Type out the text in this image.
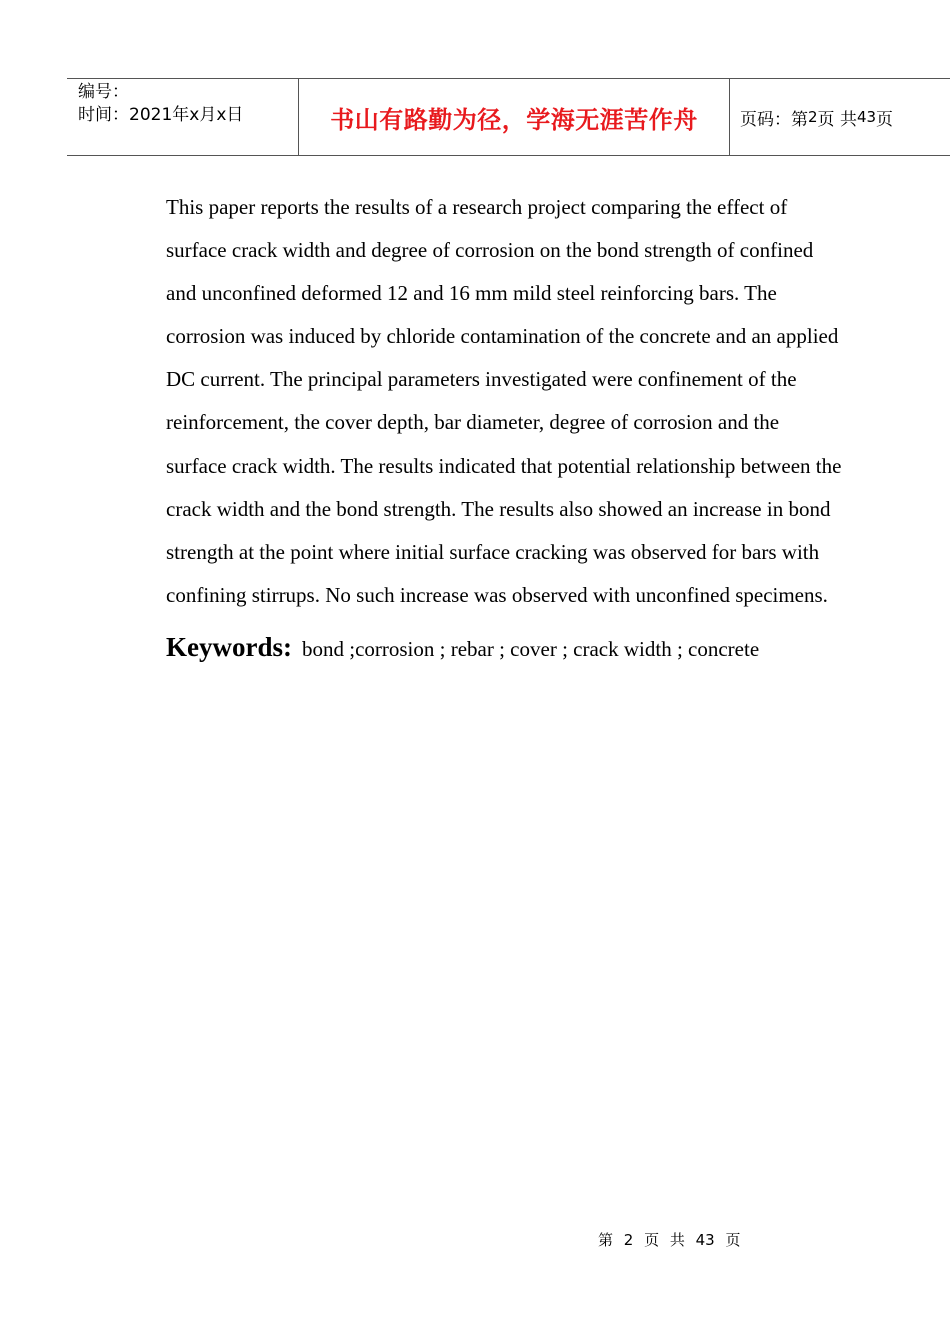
编号：
时间：2021年x月x日	书山有路勤为径，学海无涯苦作舟 页码：第 2 页 共 43 页
This paper reports the results of a research project comparing the effect of
surface crack width and degree of corrosion on the bond strength of confined
and unconfined deformed 12 and 16 mm mild steel reinforcing bars. The
corrosion was induced by chloride contamination of the concrete and an applied
DC current. The principal parameters investigated were confinement of the
reinforcement, the cover depth, bar diameter, degree of corrosion and the
surface crack width. The results indicated that potential relationship between the
crack width and the bond strength. The results also showed an increase in bond
strength at the point where initial surface cracking was observed for bars with
confining stirrups. No such increase was observed with unconfined specimens.
Keywords: bond ;corrosion ; rebar ; cover ; crack width ; concrete
第 2 页 共 43 页
